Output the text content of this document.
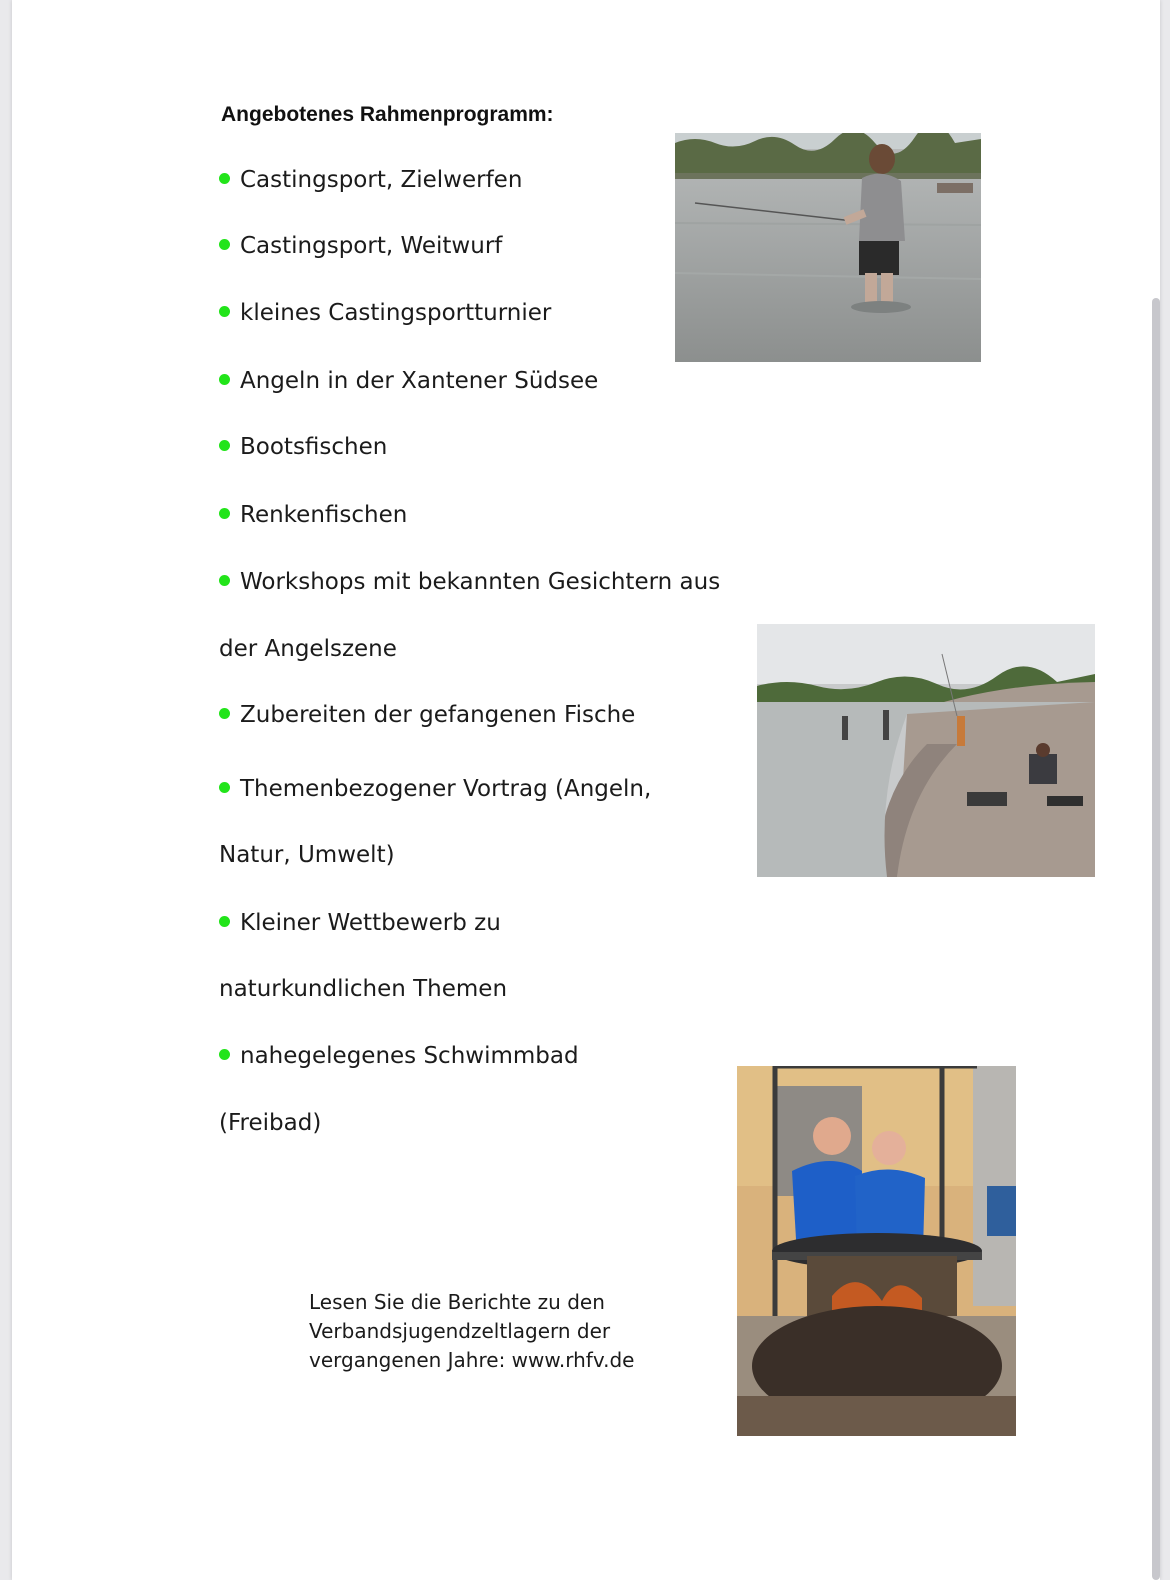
Angebotenes Rahmenprogramm:
Castingsport, Zielwerfen
Castingsport, Weitwurf
kleines Castingsportturnier
Angeln in der Xantener Südsee
Bootsfischen
Renkenfischen
Workshops mit bekannten Gesichtern aus
der Angelszene
Zubereiten der gefangenen Fische
Themenbezogener Vortrag (Angeln,
Natur, Umwelt)
Kleiner Wettbewerb zu
naturkundlichen Themen
nahegelegenes Schwimmbad
(Freibad)
Lesen Sie die Berichte zu den
Verbandsjugendzeltlagern der
vergangenen Jahre: www.rhfv.de
